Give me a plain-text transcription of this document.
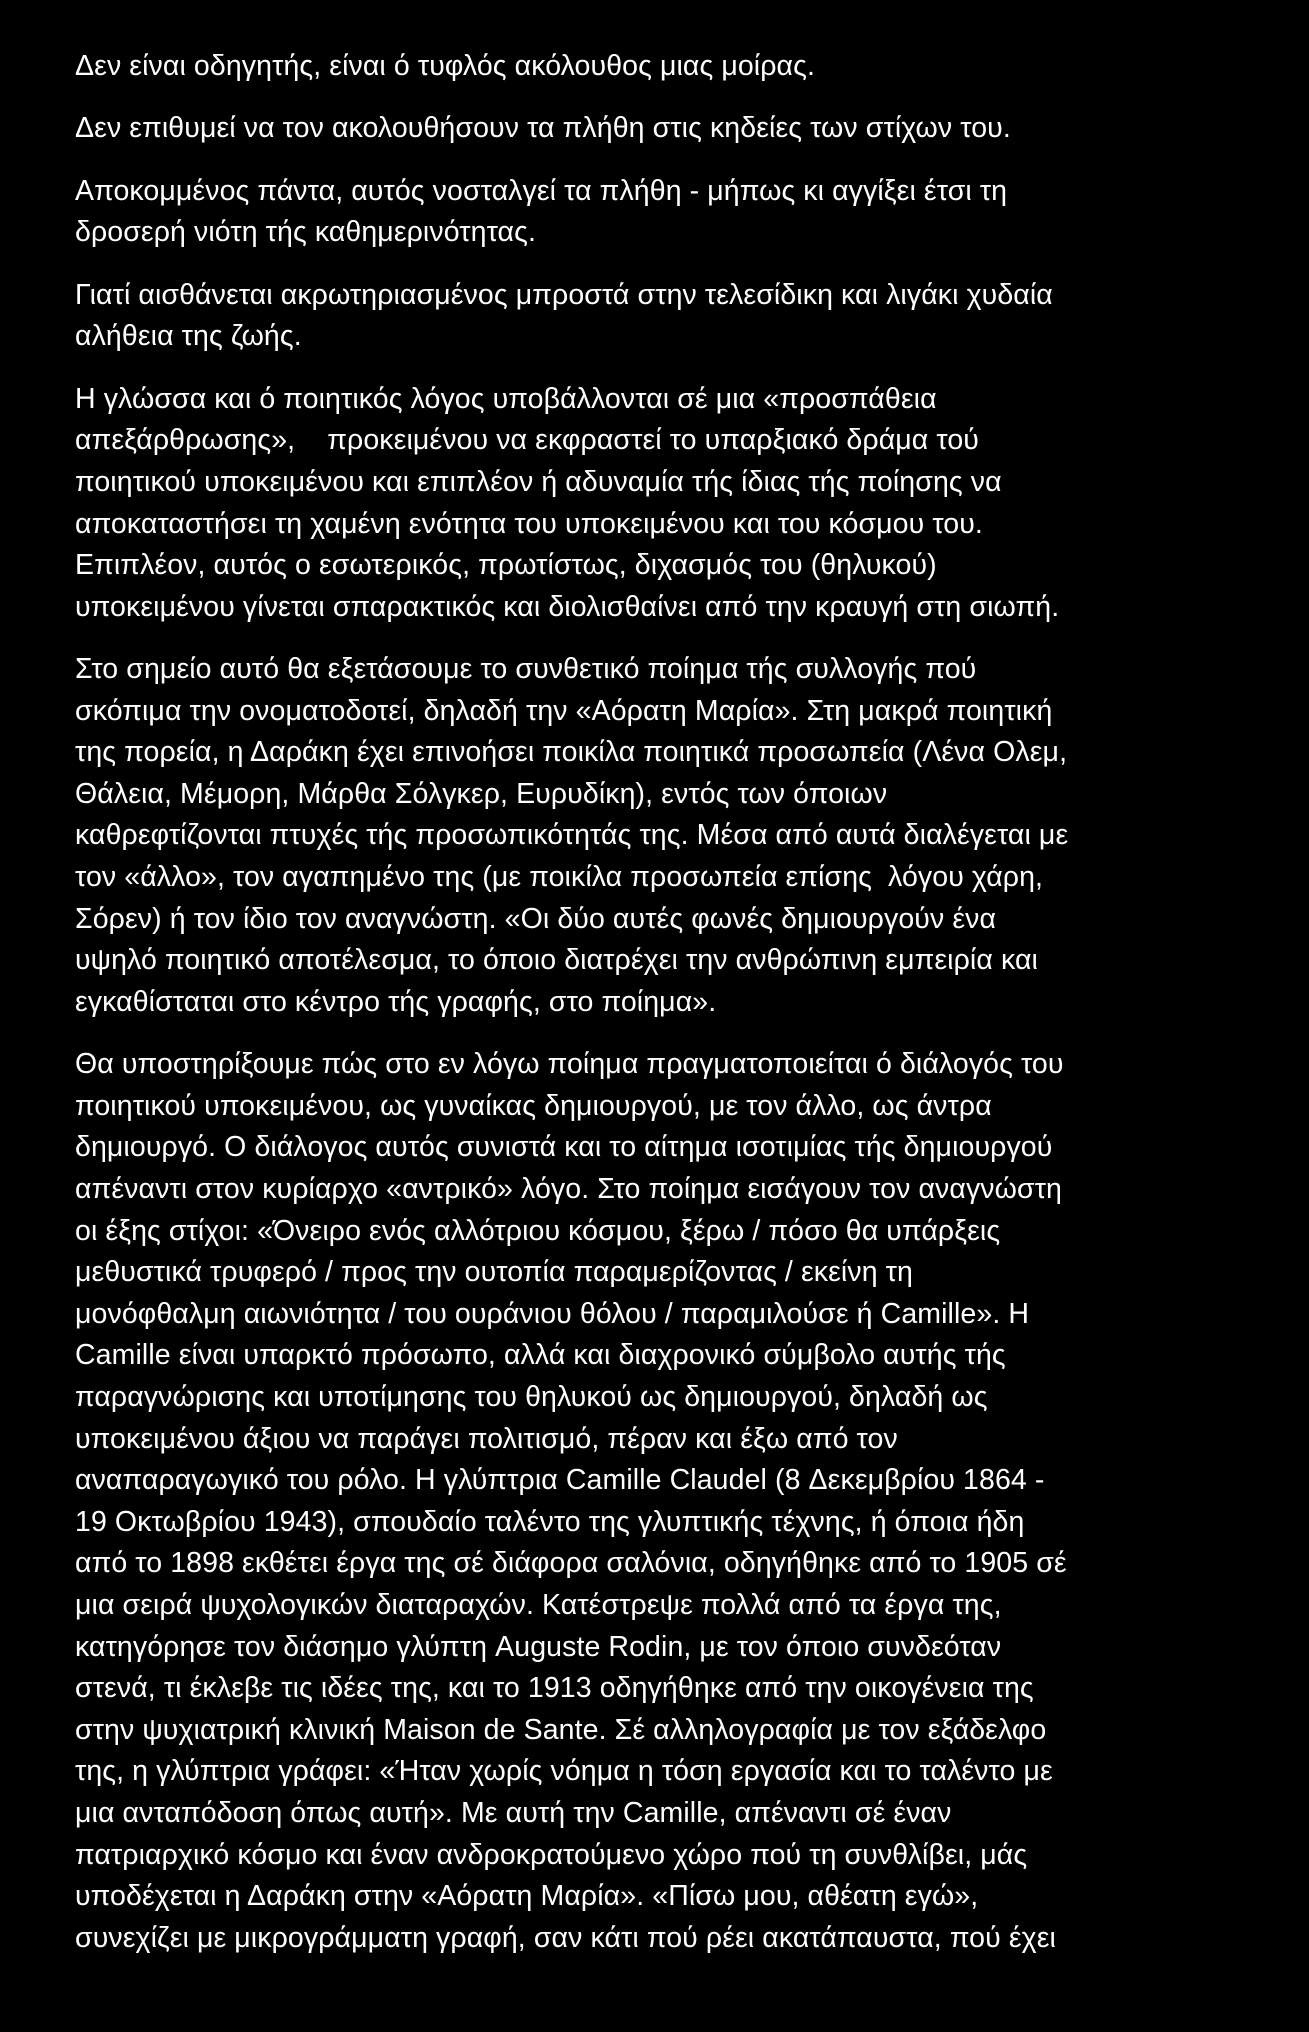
Δεν είναι οδηγητής, είναι ό τυφλός ακόλουθος μιας μοίρας.
Δεν επιθυμεί να τον ακολουθήσουν τα πλήθη στις κηδείες των στίχων του.
Αποκομμένος πάντα, αυτός νοσταλγεί τα πλήθη - μήπως κι αγγίξει έτσι τη
δροσερή νιότη τής καθημερινότητας.
Γιατί αισθάνεται ακρωτηριασμένος μπροστά στην τελεσίδικη και λιγάκι χυδαία
αλήθεια της ζωής.
Η γλώσσα και ό ποιητικός λόγος υποβάλλονται σέ μια «προσπάθεια
απεξάρθρωσης»,    προκειμένου να εκφραστεί το υπαρξιακό δράμα τού
ποιητικού υποκειμένου και επιπλέον ή αδυναμία τής ίδιας τής ποίησης να
αποκαταστήσει τη χαμένη ενότητα του υποκειμένου και του κόσμου του.
Επιπλέον, αυτός ο εσωτερικός, πρωτίστως, διχασμός του (θηλυκού)
υποκειμένου γίνεται σπαρακτικός και διολισθαίνει από την κραυγή στη σιωπή.
Στο σημείο αυτό θα εξετάσουμε το συνθετικό ποίημα τής συλλογής πού
σκόπιμα την ονοματοδοτεί, δηλαδή την «Αόρατη Μαρία». Στη μακρά ποιητική
της πορεία, η Δαράκη έχει επινοήσει ποικίλα ποιητικά προσωπεία (Λένα Ολεμ,
Θάλεια, Μέμορη, Μάρθα Σόλγκερ, Ευρυδίκη), εντός των όποιων
καθρεφτίζονται πτυχές τής προσωπικότητάς της. Μέσα από αυτά διαλέγεται με
τον «άλλο», τον αγαπημένο της (με ποικίλα προσωπεία επίσης  λόγου χάρη,
Σόρεν) ή τον ίδιο τον αναγνώστη. «Οι δύο αυτές φωνές δημιουργούν ένα
υψηλό ποιητικό αποτέλεσμα, το όποιο διατρέχει την ανθρώπινη εμπειρία και
εγκαθίσταται στο κέντρο τής γραφής, στο ποίημα».
Θα υποστηρίξουμε πώς στο εν λόγω ποίημα πραγματοποιείται ό διάλογός του
ποιητικού υποκειμένου, ως γυναίκας δημιουργού, με τον άλλο, ως άντρα
δημιουργό. Ο διάλογος αυτός συνιστά και το αίτημα ισοτιμίας τής δημιουργού
απέναντι στον κυρίαρχο «αντρικό» λόγο. Στο ποίημα εισάγουν τον αναγνώστη
οι έξης στίχοι: «Όνειρο ενός αλλότριου κόσμου, ξέρω / πόσο θα υπάρξεις
μεθυστικά τρυφερό / προς την ουτοπία παραμερίζοντας / εκείνη τη
μονόφθαλμη αιωνιότητα / του ουράνιου θόλου / παραμιλούσε ή Camille». Η
Camille είναι υπαρκτό πρόσωπο, αλλά και διαχρονικό σύμβολο αυτής τής
παραγνώρισης και υποτίμησης του θηλυκού ως δημιουργού, δηλαδή ως
υποκειμένου άξιου να παράγει πολιτισμό, πέραν και έξω από τον
αναπαραγωγικό του ρόλο. Η γλύπτρια Camille Claudel (8 Δεκεμβρίου 1864 -
19 Οκτωβρίου 1943), σπουδαίο ταλέντο της γλυπτικής τέχνης, ή όποια ήδη
από το 1898 εκθέτει έργα της σέ διάφορα σαλόνια, οδηγήθηκε από το 1905 σέ
μια σειρά ψυχολογικών διαταραχών. Κατέστρεψε πολλά από τα έργα της,
κατηγόρησε τον διάσημο γλύπτη Auguste Rodin, με τον όποιο συνδεόταν
στενά, τι έκλεβε τις ιδέες της, και το 1913 οδηγήθηκε από την οικογένεια της
στην ψυχιατρική κλινική Maison de Sante. Σέ αλληλογραφία με τον εξάδελφο
της, η γλύπτρια γράφει: «Ήταν χωρίς νόημα η τόση εργασία και το ταλέντο με
μια ανταπόδοση όπως αυτή». Με αυτή την Camille, απέναντι σέ έναν
πατριαρχικό κόσμο και έναν ανδροκρατούμενο χώρο πού τη συνθλίβει, μάς
υποδέχεται η Δαράκη στην «Αόρατη Μαρία». «Πίσω μου, αθέατη εγώ»,
συνεχίζει με μικρογράμματη γραφή, σαν κάτι πού ρέει ακατάπαυστα, πού έχει
